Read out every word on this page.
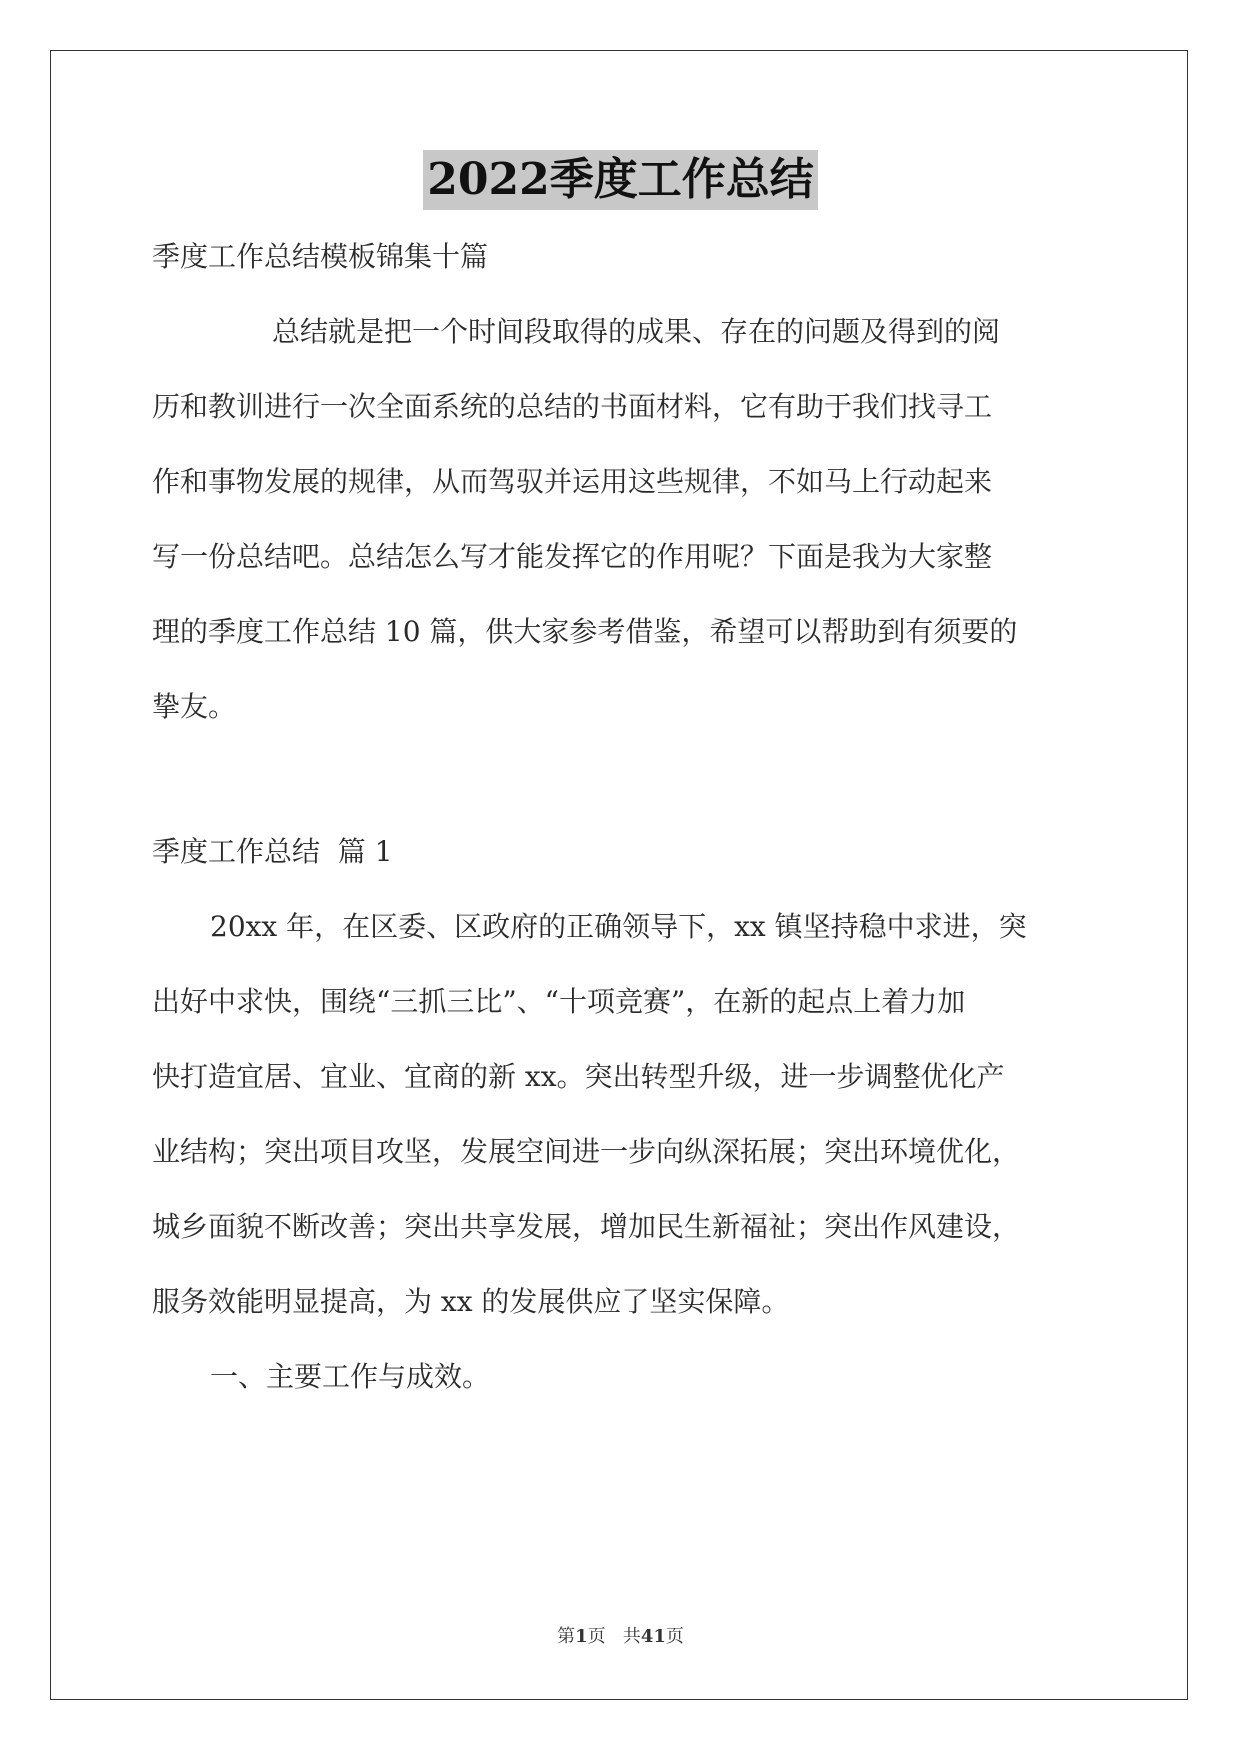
2022季度工作总结
季度工作总结模板锦集十篇
总结就是把一个时间段取得的成果、存在的问题及得到的阅
历和教训进行一次全面系统的总结的书面材料，它有助于我们找寻工
作和事物发展的规律，从而驾驭并运用这些规律，不如马上行动起来
写一份总结吧。总结怎么写才能发挥它的作用呢？下面是我为大家整
理的季度工作总结 10 篇，供大家参考借鉴，希望可以帮助到有须要的
挚友。
季度工作总结  篇 1
20xx 年，在区委、区政府的正确领导下，xx 镇坚持稳中求进，突
出好中求快，围绕“三抓三比”、“十项竞赛”，在新的起点上着力加
快打造宜居、宜业、宜商的新 xx。突出转型升级，进一步调整优化产
业结构；突出项目攻坚，发展空间进一步向纵深拓展；突出环境优化，
城乡面貌不断改善；突出共享发展，增加民生新福祉；突出作风建设，
服务效能明显提高，为 xx 的发展供应了坚实保障。
一、主要工作与成效。
第1页 共41页
